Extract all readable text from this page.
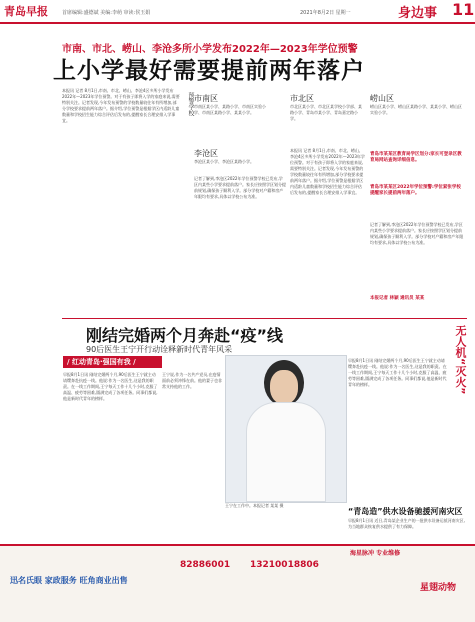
青岛早报	首席编辑:盛德斌 美编:李萌 审读:侯玉娟	2021年8月2日 星期一	身边事 11
市南、市北、崂山、李沧多所小学发布2022年—2023年学位预警
上小学最好需要提前两年落户
本报讯 记者 8月1日,市南、市北、崂山、李沧4区多所小学发布2022年—2023年学位预警。对于有孩子即将入学的家庭来说,需要特别关注。记者发现,今年发布预警的学校数量较往年有所增加,部分学校要求提前两年落户。据介绍,学位预警是根据学区内适龄儿童数量和学校招生能力综合评估后发布的,提醒家长合理安排入学事宜。
预警学校 市南区
市南区某小学、某路小学、市南区实验小学、市南区某路小学、某某小学。
市北区
市北区某小学、市北区某学校小学部、某路小学、青岛市某小学、青岛嘉定路小学。
崂山区
崂山区某小学、崂山区某路小学、某某小学、崂山区实验小学。
李沧区
李沧区某小学、李沧区某路小学。
记者了解到,李沧区2022年学位预警学校已发布,学区内某些小学要求提前落户。家长应按照学区划分提前规划,确保孩子顺利入学。部分学校对户籍和房产年限均有要求,具体以学校公布为准。
本报讯 记者 8月1日,市南、市北、崂山、李沧4区多所小学发布2022年—2023年学位预警。对于有孩子即将入学的家庭来说,需要特别关注。记者发现,今年发布预警的学校数量较往年有所增加,部分学校要求提前两年落户。据介绍,学位预警是根据学区内适龄儿童数量和学校招生能力综合评估后发布的,提醒家长合理安排入学事宜。
青岛市某某区教育局学区划分:家长可登录区教育局网站查询详细信息。
青岛市某某区2022年学位预警:学位紧张学校提醒家长提前两年落户。
记者了解到,李沧区2022年学位预警学校已发布,学区内某些小学要求提前落户。家长应按照学区划分提前规划,确保孩子顺利入学。部分学校对户籍和房产年限均有要求,具体以学校公布为准。
本报记者 林颖 通讯员 某某
刚结完婚两个月奔赴“疫”线
90后医生王宁开行动诠释新时代青年风采
/ 红动青岛·强国有我 /
早报8月1日讯 刚结完婚两个月,90后医生王宁就主动请缨奔赴抗疫一线。他说:作为一名医生,这是我的职责。在一线工作期间,王宁每天工作十几个小时,克服了高温、疲劳等困难,圆满完成了各项任务。同事们都说,他是新时代青年的榜样。
王宁说,作为一名共产党员,在疫情面前必须冲锋在前。他的妻子也非常支持他的工作。
王宁在工作中。本报记者 某某 摄
早报8月1日讯 刚结完婚两个月,90后医生王宁就主动请缨奔赴抗疫一线。他说:作为一名医生,这是我的职责。在一线工作期间,王宁每天工作十几个小时,克服了高温、疲劳等困难,圆满完成了各项任务。同事们都说,他是新时代青年的榜样。	无人机“灭火”
“青岛造”供水设备驰援河南灾区
早报8月1日讯 近日,青岛某企业生产的一批供水设备运抵河南灾区,为当地群众恢复供水提供了有力保障。
海星脉冲 专业维修
82886001 13210018806
星翅动物
迅名氏眼 家政服务 旺角商业出售
